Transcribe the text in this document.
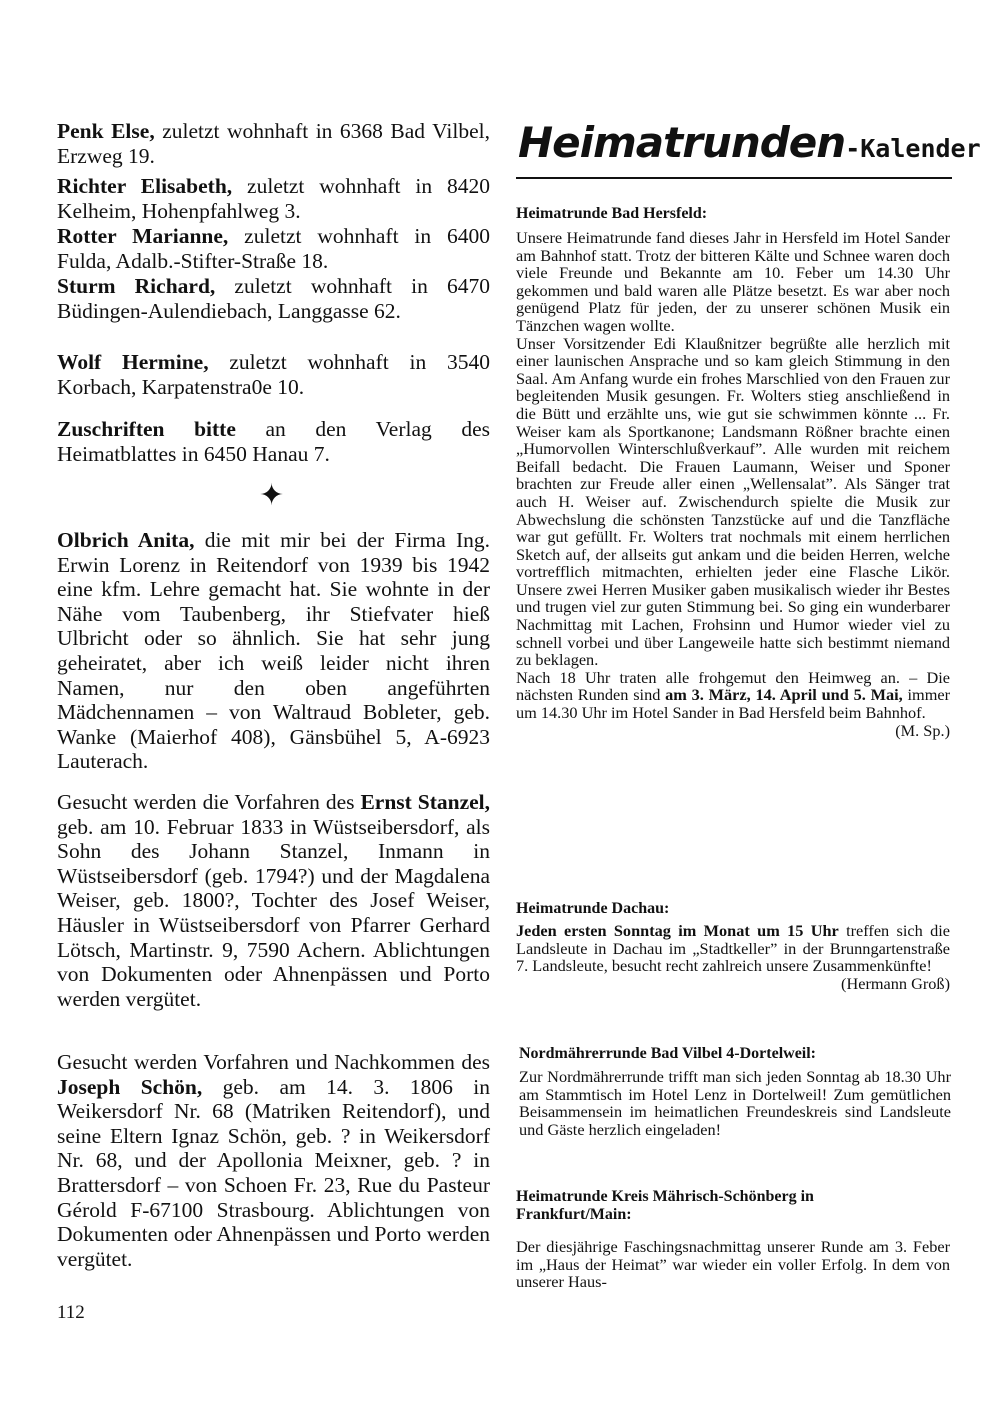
Penk Else, zuletzt wohnhaft in 6368 Bad Vilbel, Erzweg 19.
Richter Elisabeth, zuletzt wohnhaft in 8420 Kelheim, Hohenpfahlweg 3.
Rotter Marianne, zuletzt wohnhaft in 6400 Fulda, Adalb.-Stifter-Straße 18.
Sturm Richard, zuletzt wohnhaft in 6470 Büdingen-Aulendiebach, Langgasse 62.
Wolf Hermine, zuletzt wohnhaft in 3540 Korbach, Karpatenstra0e 10.
Zuschriften bitte an den Verlag des Heimatblattes in 6450 Hanau 7.
✦
Olbrich Anita, die mit mir bei der Firma Ing. Erwin Lorenz in Reitendorf von 1939 bis 1942 eine kfm. Lehre gemacht hat. Sie wohnte in der Nähe vom Taubenberg, ihr Stiefvater hieß Ulbricht oder so ähnlich. Sie hat sehr jung geheiratet, aber ich weiß leider nicht ihren Namen, nur den oben angeführten Mädchennamen – von Waltraud Bobleter, geb. Wanke (Maierhof 408), Gänsbühel 5, A-6923 Lauterach.
Gesucht werden die Vorfahren des Ernst Stanzel, geb. am 10. Februar 1833 in Wüstseibersdorf, als Sohn des Johann Stanzel, Inmann in Wüstseibersdorf (geb. 1794?) und der Magdalena Weiser, geb. 1800?, Tochter des Josef Weiser, Häusler in Wüstseibersdorf von Pfarrer Gerhard Lötsch, Martinstr. 9, 7590 Achern. Ablichtungen von Dokumenten oder Ahnenpässen und Porto werden vergütet.
Gesucht werden Vorfahren und Nachkommen des Joseph Schön, geb. am 14. 3. 1806 in Weikersdorf Nr. 68 (Matriken Reitendorf), und seine Eltern Ignaz Schön, geb. ? in Weikersdorf Nr. 68, und der Apollonia Meixner, geb. ? in Brattersdorf – von Schoen Fr. 23, Rue du Pasteur Gérold F-67100 Strasbourg. Ablichtungen von Dokumenten oder Ahnenpässen und Porto werden vergütet.
112
Heimatrunden-Kalender
Heimatrunde Bad Hersfeld:
Unsere Heimatrunde fand dieses Jahr in Hersfeld im Hotel Sander am Bahnhof statt. Trotz der bitteren Kälte und Schnee waren doch viele Freunde und Bekannte am 10. Feber um 14.30 Uhr gekommen und bald waren alle Plätze besetzt. Es war aber noch genügend Platz für jeden, der zu unserer schönen Musik ein Tänzchen wagen wollte.
Unser Vorsitzender Edi Klaußnitzer begrüßte alle herzlich mit einer launischen Ansprache und so kam gleich Stimmung in den Saal. Am Anfang wurde ein frohes Marschlied von den Frauen zur begleitenden Musik gesungen. Fr. Wolters stieg anschließend in die Bütt und erzählte uns, wie gut sie schwimmen könnte ... Fr. Weiser kam als Sportkanone; Landsmann Rößner brachte einen „Humorvollen Winterschlußverkauf”. Alle wurden mit reichem Beifall bedacht. Die Frauen Laumann, Weiser und Sponer brachten zur Freude aller einen „Wellensalat”. Als Sänger trat auch H. Weiser auf. Zwischendurch spielte die Musik zur Abwechslung die schönsten Tanzstücke auf und die Tanzfläche war gut gefüllt. Fr. Wolters trat nochmals mit einem herrlichen Sketch auf, der allseits gut ankam und die beiden Herren, welche vortrefflich mitmachten, erhielten jeder eine Flasche Likör. Unsere zwei Herren Musiker gaben musikalisch wieder ihr Bestes und trugen viel zur guten Stimmung bei. So ging ein wunderbarer Nachmittag mit Lachen, Frohsinn und Humor wieder viel zu schnell vorbei und über Langeweile hatte sich bestimmt niemand zu beklagen.
Nach 18 Uhr traten alle frohgemut den Heimweg an. – Die nächsten Runden sind am 3. März, 14. April und 5. Mai, immer um 14.30 Uhr im Hotel Sander in Bad Hersfeld beim Bahnhof.
(M. Sp.)
Heimatrunde Dachau:
Jeden ersten Sonntag im Monat um 15 Uhr treffen sich die Landsleute in Dachau im „Stadtkeller” in der Brunngartenstraße 7. Landsleute, besucht recht zahlreich unsere Zusammenkünfte!
(Hermann Groß)
Nordmährerrunde Bad Vilbel 4-Dortelweil:
Zur Nordmährerrunde trifft man sich jeden Sonntag ab 18.30 Uhr am Stammtisch im Hotel Lenz in Dortelweil! Zum gemütlichen Beisammensein im heimatlichen Freundeskreis sind Landsleute und Gäste herzlich eingeladen!
Heimatrunde Kreis Mährisch-Schönberg in Frankfurt/Main:
Der diesjährige Faschingsnachmittag unserer Runde am 3. Feber im „Haus der Heimat” war wieder ein voller Erfolg. In dem von unserer Haus-
